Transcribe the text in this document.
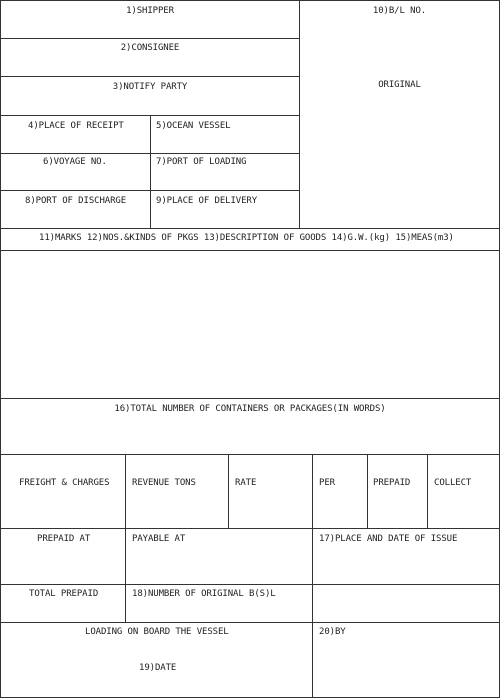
1)SHIPPER
2)CONSIGNEE
3)NOTIFY PARTY
4)PLACE OF RECEIPT	5)OCEAN VESSEL
6)VOYAGE NO.	7)PORT OF LOADING
8)PORT OF DISCHARGE	9)PLACE OF DELIVERY
10)B/L NO.
ORIGINAL
11)MARKS 12)NOS.&KINDS OF PKGS 13)DESCRIPTION OF GOODS 14)G.W.(kg) 15)MEAS(m3)
16)TOTAL NUMBER OF CONTAINERS OR PACKAGES(IN WORDS)
FREIGHT & CHARGES	REVENUE TONS	RATE	PER	PREPAID	COLLECT
PREPAID AT	PAYABLE AT	17)PLACE AND DATE OF ISSUE
TOTAL PREPAID	18)NUMBER OF ORIGINAL B(S)L
LOADING ON BOARD THE VESSEL
19)DATE
20)BY
